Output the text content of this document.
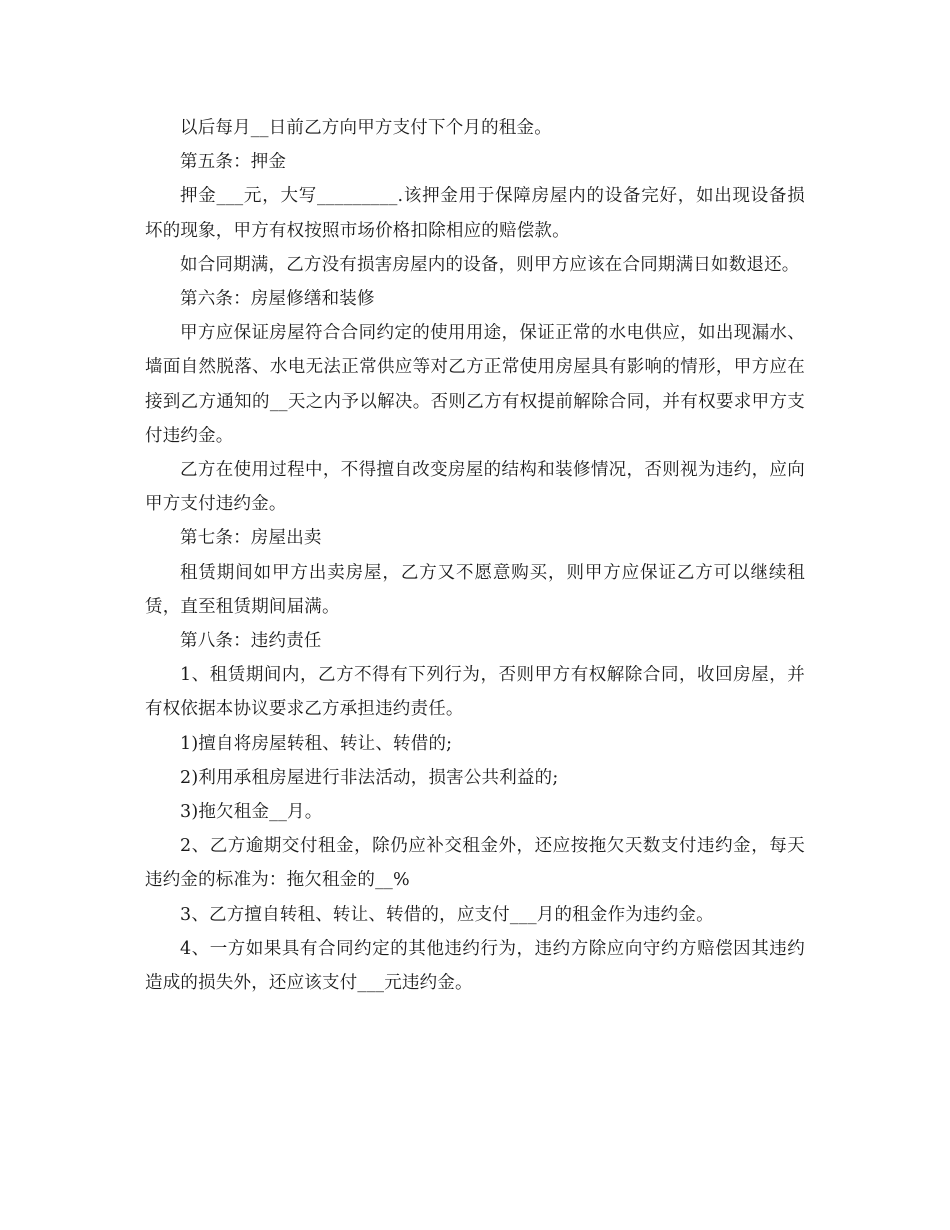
以后每月__日前乙方向甲方支付下个月的租金。

第五条：押金

押金___元，大写_________.该押金用于保障房屋内的设备完好，如出现设备损坏的现象，甲方有权按照市场价格扣除相应的赔偿款。

如合同期满，乙方没有损害房屋内的设备，则甲方应该在合同期满日如数退还。

第六条：房屋修缮和装修

甲方应保证房屋符合合同约定的使用用途，保证正常的水电供应，如出现漏水、墙面自然脱落、水电无法正常供应等对乙方正常使用房屋具有影响的情形，甲方应在接到乙方通知的__天之内予以解决。否则乙方有权提前解除合同，并有权要求甲方支付违约金。

乙方在使用过程中，不得擅自改变房屋的结构和装修情况，否则视为违约，应向甲方支付违约金。

第七条：房屋出卖

租赁期间如甲方出卖房屋，乙方又不愿意购买，则甲方应保证乙方可以继续租赁，直至租赁期间届满。

第八条：违约责任

1、租赁期间内，乙方不得有下列行为，否则甲方有权解除合同，收回房屋，并有权依据本协议要求乙方承担违约责任。

1)擅自将房屋转租、转让、转借的;

2)利用承租房屋进行非法活动，损害公共利益的;

3)拖欠租金__月。

2、乙方逾期交付租金，除仍应补交租金外，还应按拖欠天数支付违约金，每天违约金的标准为：拖欠租金的__%

3、乙方擅自转租、转让、转借的，应支付___月的租金作为违约金。

4、一方如果具有合同约定的其他违约行为，违约方除应向守约方赔偿因其违约造成的损失外，还应该支付___元违约金。
